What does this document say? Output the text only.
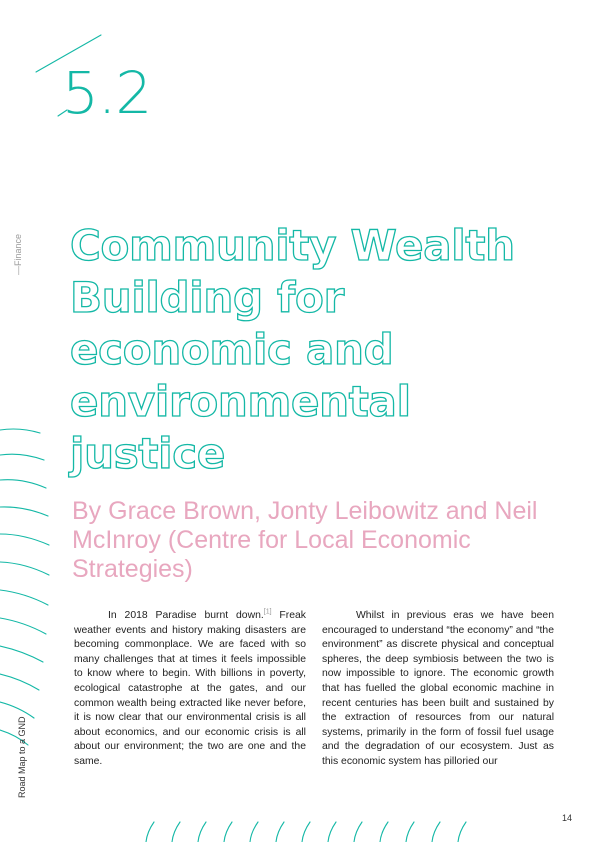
5.2
—Finance Community Wealth Building for economic and environmental justice
By Grace Brown, Jonty Leibowitz and Neil McInroy (Centre for Local Economic Strategies)

In 2018 Paradise burnt down.[1] Freak weather events and history making disasters are becoming commonplace. We are faced with so many challenges that at times it feels impossible to know where to begin. With billions in poverty, ecological catastrophe at the gates, and our common wealth being extracted like never before, it is now clear that our environmental crisis is all about economics, and our economic crisis is all about our environment; the two are one and the same.

Whilst in previous eras we have been encouraged to understand “the economy” and “the environment” as discrete physical and conceptual spheres, the deep symbiosis between the two is now impossible to ignore. The economic growth that has fuelled the global economic machine in recent centuries has been built and sustained by the extraction of resources from our natural systems, primarily in the form of fossil fuel usage and the degradation of our ecosystem. Just as this economic system has pilloried our

Road Map to a GND
14
